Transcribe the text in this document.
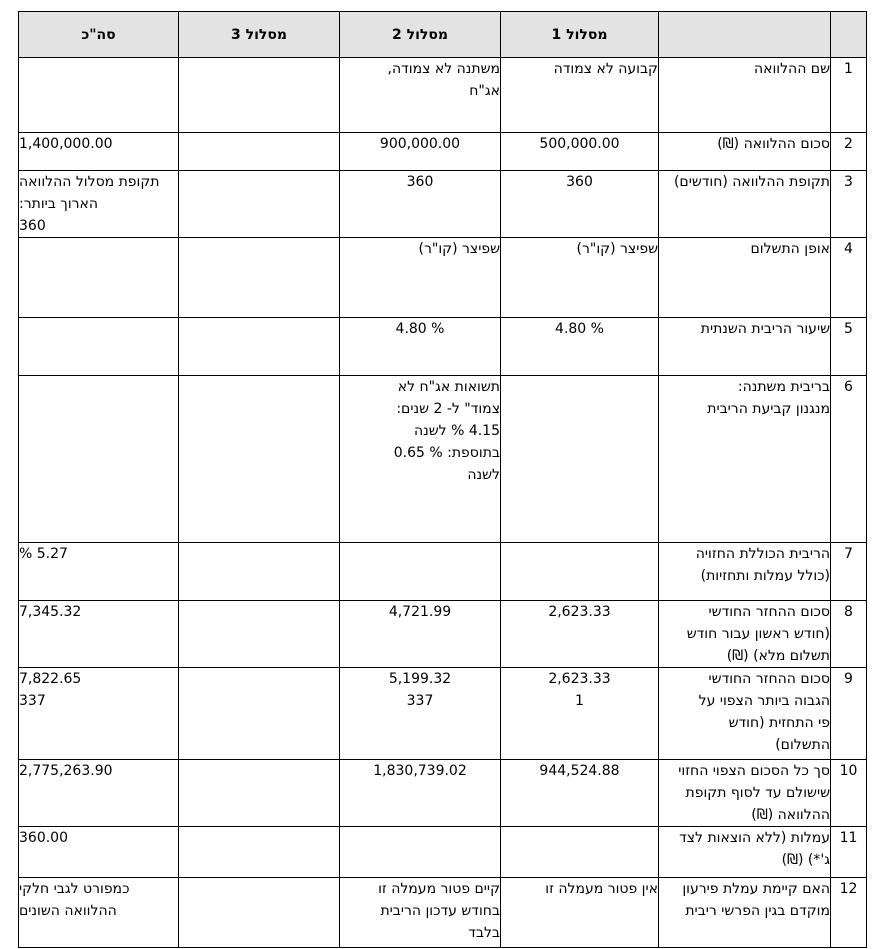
		מסלול 1	מסלול 2	מסלול 3	סה"כ
1	שם ההלוואה	קבועה לא צמודה	משתנה לא צמודה,
אג"ח		

2	סכום ההלוואה (₪)	500,000.00	900,000.00		1,400,000.00

3	תקופת ההלוואה (חודשים)	360	360		תקופת מסלול ההלוואה
הארוך ביותר:
360

4	אופן התשלום	שפיצר (קו"ר)	שפיצר (קו"ר)		

5	שיעור הריבית השנתית	% 4.80	% 4.80		

6	בריבית משתנה:
מנגנון קביעת הריבית		תשואות אג"ח לא
צמוד" ל- 2 שנים:
4.15 % לשנה
בתוספת: % 0.65
לשנה		

7	הריבית הכוללת החזויה
(כולל עמלות ותחזיות)				5.27 %

8	סכום ההחזר החודשי
(חודש ראשון עבור חודש
תשלום מלא) (₪)	2,623.33	4,721.99		7,345.32

9	סכום ההחזר החודשי
הגבוה ביותר הצפוי על
פי התחזית (חודש
התשלום)	2,623.33
1	5,199.32
337		7,822.65
337

10	סך כל הסכום הצפוי החזוי
שישולם עד לסוף תקופת
ההלוואה (₪)	944,524.88	1,830,739.02		2,775,263.90

11	עמלות (ללא הוצאות לצד
ג'*) (₪)				360.00

12	האם קיימת עמלת פירעון
מוקדם בגין הפרשי ריבית	אין פטור מעמלה זו	קיים פטור מעמלה זו
בחודש עדכון הריבית
בלבד		כמפורט לגבי חלקי
ההלוואה השונים
